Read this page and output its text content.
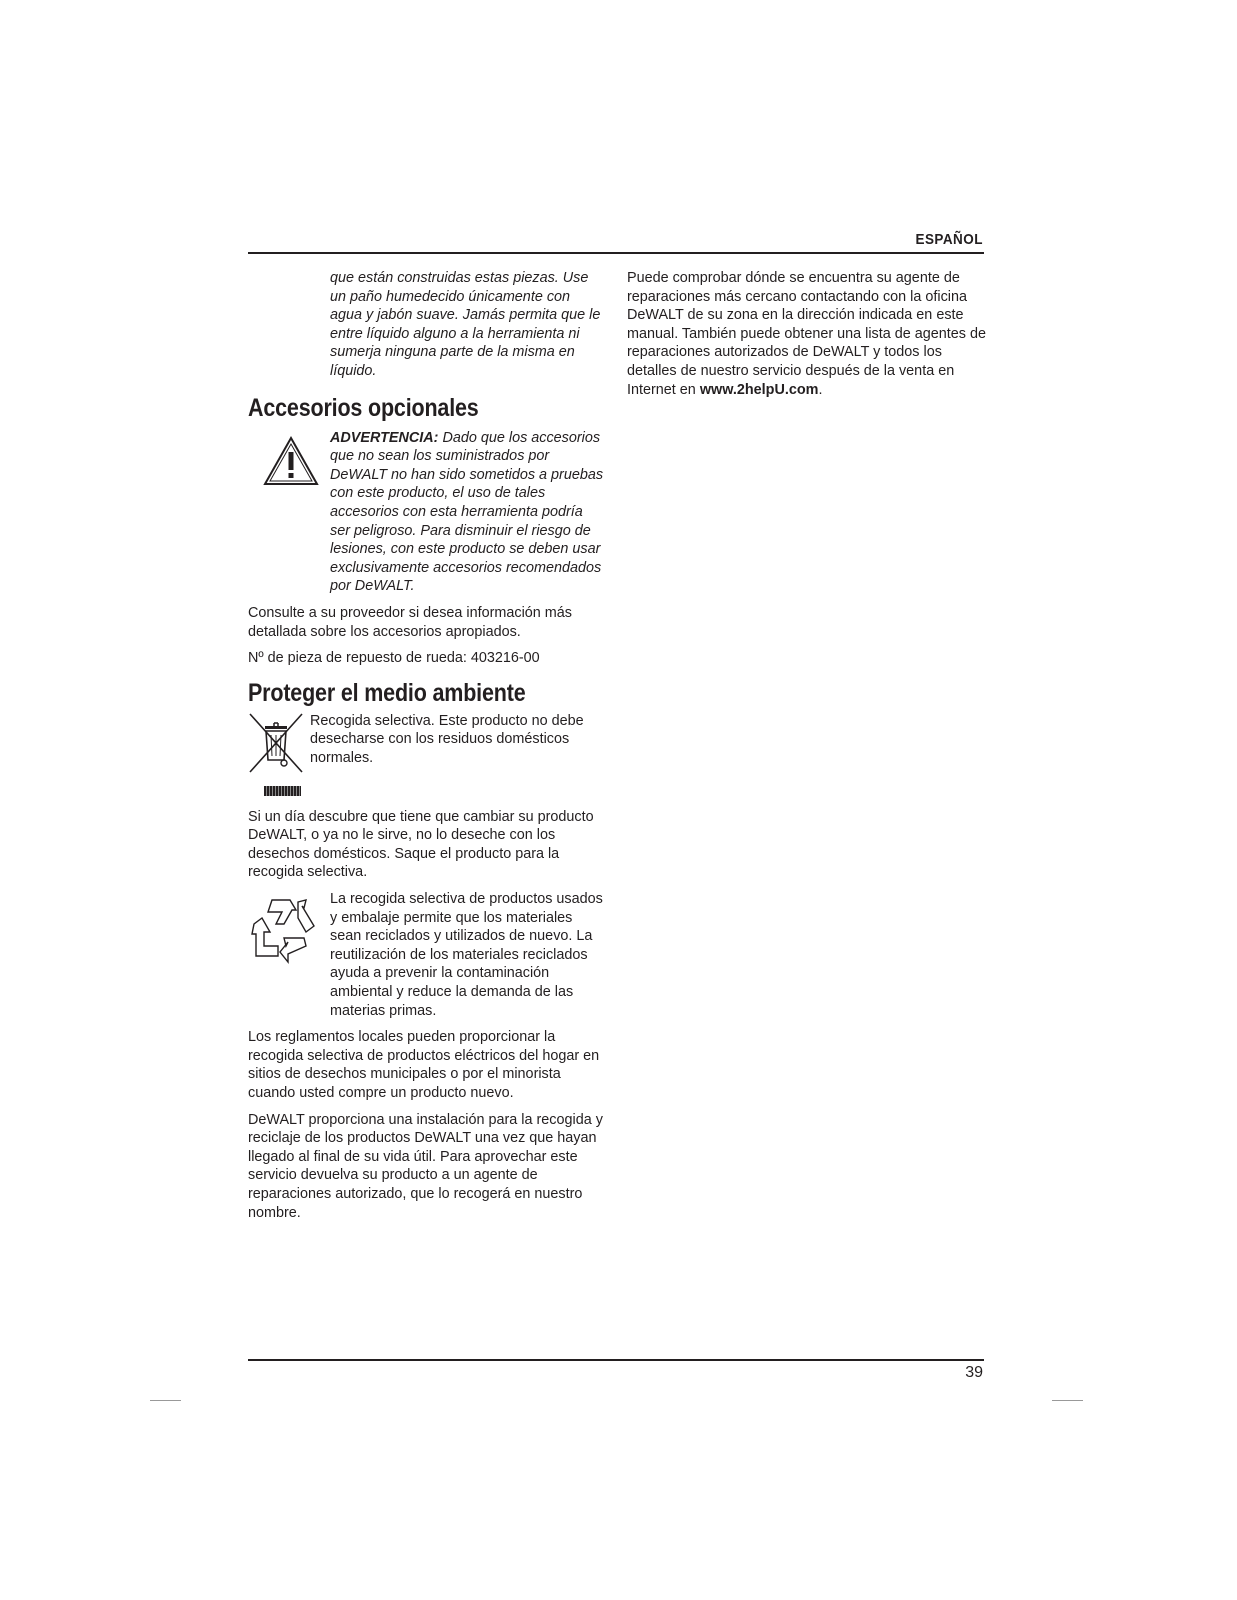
ESPAÑOL

que están construidas estas piezas. Use un paño humedecido únicamente con agua y jabón suave. Jamás permita que le entre líquido alguno a la herramienta ni sumerja ninguna parte de la misma en líquido.

Accesorios opcionales

ADVERTENCIA: Dado que los accesorios que no sean los suministrados por DeWALT no han sido sometidos a pruebas con este producto, el uso de tales accesorios con esta herramienta podría ser peligroso. Para disminuir el riesgo de lesiones, con este producto se deben usar exclusivamente accesorios recomendados por DeWALT.

Consulte a su proveedor si desea información más detallada sobre los accesorios apropiados.

Nº de pieza de repuesto de rueda: 403216-00

Proteger el medio ambiente

Recogida selectiva. Este producto no debe desecharse con los residuos domésticos normales.

Si un día descubre que tiene que cambiar su producto DeWALT, o ya no le sirve, no lo deseche con los desechos domésticos. Saque el producto para la recogida selectiva.

La recogida selectiva de productos usados y embalaje permite que los materiales sean reciclados y utilizados de nuevo. La reutilización de los materiales reciclados ayuda a prevenir la contaminación ambiental y reduce la demanda de las materias primas.

Los reglamentos locales pueden proporcionar la recogida selectiva de productos eléctricos del hogar en sitios de desechos municipales o por el minorista cuando usted compre un producto nuevo.

DeWALT proporciona una instalación para la recogida y reciclaje de los productos DeWALT una vez que hayan llegado al final de su vida útil. Para aprovechar este servicio devuelva su producto a un agente de reparaciones autorizado, que lo recogerá en nuestro nombre.

Puede comprobar dónde se encuentra su agente de reparaciones más cercano contactando con la oficina DeWALT de su zona en la dirección indicada en este manual. También puede obtener una lista de agentes de reparaciones autorizados de DeWALT y todos los detalles de nuestro servicio después de la venta en Internet en www.2helpU.com.

39
